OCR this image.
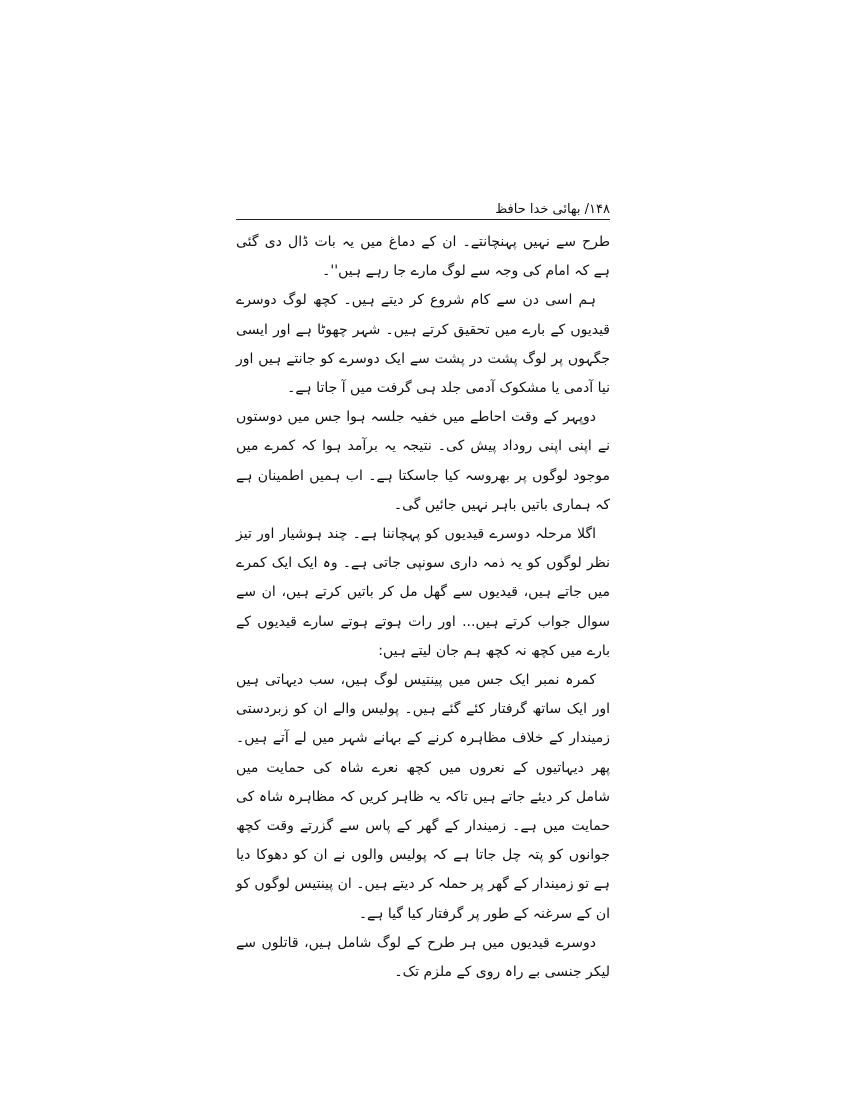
۱۴۸/ بھائی خدا حافظ

طرح سے نہیں پہنچانتے۔ ان کے دماغ میں یہ بات ڈال دی گئی ہے کہ امام کی وجہ سے لوگ مارے جا رہے ہیں''۔

ہم اسی دن سے کام شروع کر دیتے ہیں۔ کچھ لوگ دوسرے قیدیوں کے بارے میں تحقیق کرتے ہیں۔ شہر چھوٹا ہے اور ایسی جگہوں پر لوگ پشت در پشت سے ایک دوسرے کو جانتے ہیں اور نیا آدمی یا مشکوک آدمی جلد ہی گرفت میں آ جاتا ہے۔

دوپہر کے وقت احاطے میں خفیہ جلسہ ہوا جس میں دوستوں نے اپنی اپنی روداد پیش کی۔ نتیجہ یہ برآمد ہوا کہ کمرے میں موجود لوگوں پر بھروسہ کیا جاسکتا ہے۔ اب ہمیں اطمینان ہے کہ ہماری باتیں باہر نہیں جائیں گی۔

اگلا مرحلہ دوسرے قیدیوں کو پہچاننا ہے۔ چند ہوشیار اور تیز نظر لوگوں کو یہ ذمہ داری سونپی جاتی ہے۔ وہ ایک ایک کمرے میں جاتے ہیں، قیدیوں سے گھل مل کر باتیں کرتے ہیں، ان سے سوال جواب کرتے ہیں... اور رات ہوتے ہوتے سارے قیدیوں کے بارے میں کچھ نہ کچھ ہم جان لیتے ہیں:

کمرہ نمبر ایک جس میں پینتیس لوگ ہیں، سب دیہاتی ہیں اور ایک ساتھ گرفتار کئے گئے ہیں۔ پولیس والے ان کو زبردستی زمیندار کے خلاف مظاہرہ کرنے کے بہانے شہر میں لے آتے ہیں۔ پھر دیہاتیوں کے نعروں میں کچھ نعرے شاہ کی حمایت میں شامل کر دیئے جاتے ہیں تاکہ یہ ظاہر کریں کہ مظاہرہ شاہ کی حمایت میں ہے۔ زمیندار کے گھر کے پاس سے گزرتے وقت کچھ جوانوں کو پتہ چل جاتا ہے کہ پولیس والوں نے ان کو دھوکا دیا ہے تو زمیندار کے گھر پر حملہ کر دیتے ہیں۔ ان پینتیس لوگوں کو ان کے سرغنہ کے طور پر گرفتار کیا گیا ہے۔

دوسرے قیدیوں میں ہر طرح کے لوگ شامل ہیں، قاتلوں سے لیکر جنسی بے راہ روی کے ملزم تک۔
